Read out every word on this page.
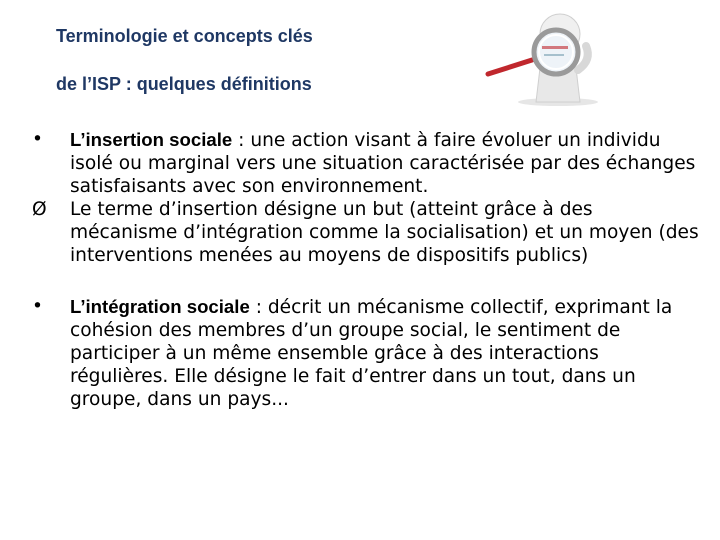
Terminologie et concepts clés
de l’ISP : quelques définitions
•	L’insertion sociale : une action visant à faire évoluer un individu isolé ou marginal vers une situation caractérisée par des échanges satisfaisants avec son environnement.
Ø	Le terme d’insertion désigne un but (atteint grâce à des mécanisme d’intégration comme la socialisation) et un moyen (des interventions menées au moyens de dispositifs publics)
•	L’intégration sociale : décrit un mécanisme collectif, exprimant la cohésion des membres d’un groupe social, le sentiment de participer à un même ensemble grâce à des interactions régulières. Elle désigne le fait d’entrer dans un tout, dans un groupe, dans un pays...
